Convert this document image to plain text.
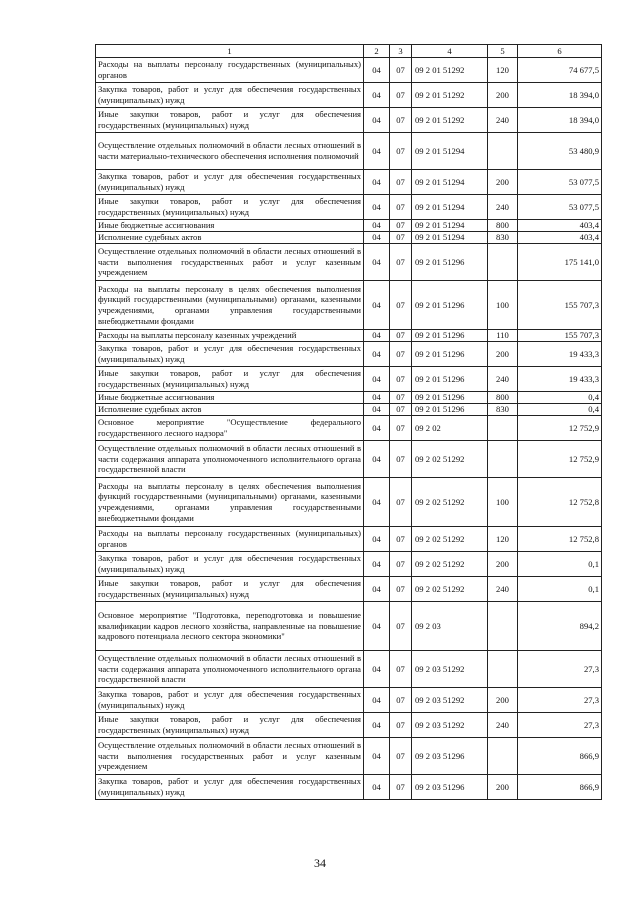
1	2	3	4	5	6
Расходы на выплаты персоналу государственных (муниципальных) органов	04	07	09 2 01 51292	120	74 677,5
Закупка товаров, работ и услуг для обеспечения государственных (муниципальных) нужд	04	07	09 2 01 51292	200	18 394,0
Иные закупки товаров, работ и услуг для обеспечения государственных (муниципальных) нужд	04	07	09 2 01 51292	240	18 394,0
Осуществление отдельных полномочий в области лесных отношений в части материально-технического обеспечения исполнения полномочий	04	07	09 2 01 51294		53 480,9
Закупка товаров, работ и услуг для обеспечения государственных (муниципальных) нужд	04	07	09 2 01 51294	200	53 077,5
Иные закупки товаров, работ и услуг для обеспечения государственных (муниципальных) нужд	04	07	09 2 01 51294	240	53 077,5
Иные бюджетные ассигнования	04	07	09 2 01 51294	800	403,4
Исполнение судебных актов	04	07	09 2 01 51294	830	403,4
Осуществление отдельных полномочий в области лесных отношений в части выполнения государственных работ и услуг казенным учреждением	04	07	09 2 01 51296		175 141,0
Расходы на выплаты персоналу в целях обеспечения выполнения функций государственными (муниципальными) органами, казенными учреждениями, органами управления государственными внебюджетными фондами	04	07	09 2 01 51296	100	155 707,3
Расходы на выплаты персоналу казенных учреждений	04	07	09 2 01 51296	110	155 707,3
Закупка товаров, работ и услуг для обеспечения государственных (муниципальных) нужд	04	07	09 2 01 51296	200	19 433,3
Иные закупки товаров, работ и услуг для обеспечения государственных (муниципальных) нужд	04	07	09 2 01 51296	240	19 433,3
Иные бюджетные ассигнования	04	07	09 2 01 51296	800	0,4
Исполнение судебных актов	04	07	09 2 01 51296	830	0,4
Основное мероприятие "Осуществление федерального государственного лесного надзора"	04	07	09 2 02		12 752,9
Осуществление отдельных полномочий в области лесных отношений в части содержания аппарата уполномоченного исполнительного органа государственной власти	04	07	09 2 02 51292		12 752,9
Расходы на выплаты персоналу в целях обеспечения выполнения функций государственными (муниципальными) органами, казенными учреждениями, органами управления государственными внебюджетными фондами	04	07	09 2 02 51292	100	12 752,8
Расходы на выплаты персоналу государственных (муниципальных) органов	04	07	09 2 02 51292	120	12 752,8
Закупка товаров, работ и услуг для обеспечения государственных (муниципальных) нужд	04	07	09 2 02 51292	200	0,1
Иные закупки товаров, работ и услуг для обеспечения государственных (муниципальных) нужд	04	07	09 2 02 51292	240	0,1
Основное мероприятие "Подготовка, переподготовка и повышение квалификации кадров лесного хозяйства, направленные на повышение кадрового потенциала лесного сектора экономики"	04	07	09 2 03		894,2
Осуществление отдельных полномочий в области лесных отношений в части содержания аппарата уполномоченного исполнительного органа государственной власти	04	07	09 2 03 51292		27,3
Закупка товаров, работ и услуг для обеспечения государственных (муниципальных) нужд	04	07	09 2 03 51292	200	27,3
Иные закупки товаров, работ и услуг для обеспечения государственных (муниципальных) нужд	04	07	09 2 03 51292	240	27,3
Осуществление отдельных полномочий в области лесных отношений в части выполнения государственных работ и услуг казенным учреждением	04	07	09 2 03 51296		866,9
Закупка товаров, работ и услуг для обеспечения государственных (муниципальных) нужд	04	07	09 2 03 51296	200	866,9
34
